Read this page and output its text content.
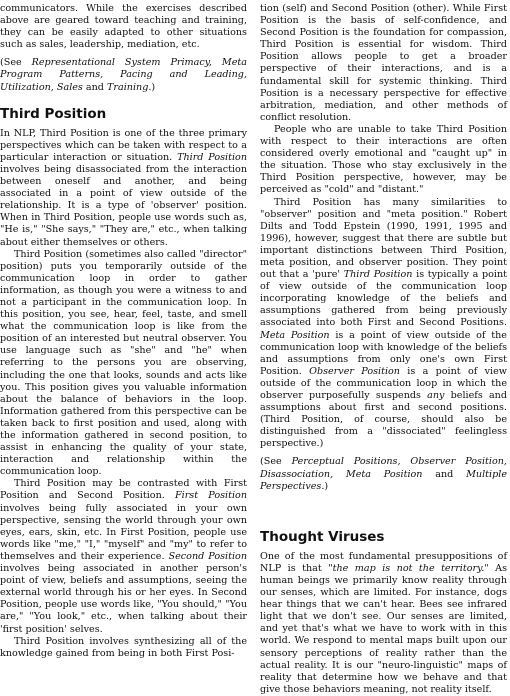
communicators. While the exercises described above are geared toward teaching and training, they can be easily adapted to other situations such as sales, leadership, mediation, etc.

(See Representational System Primacy, Meta Program Patterns, Pacing and Leading, Utilization, Sales and Training.)

Third Position

In NLP, Third Position is one of the three primary perspectives which can be taken with respect to a particular interaction or situation. Third Position involves being disassociated from the interaction between oneself and another, and being associated in a point of view outside of the relationship. It is a type of 'observer' position. When in Third Position, people use words such as, "He is," "She says," "They are," etc., when talking about either themselves or others.

Third Position (sometimes also called "director" position) puts you temporarily outside of the communication loop in order to gather information, as though you were a witness to and not a participant in the communication loop. In this position, you see, hear, feel, taste, and smell what the communication loop is like from the position of an interested but neutral observer. You use language such as "she" and "he" when referring to the persons you are observing, including the one that looks, sounds and acts like you. This position gives you valuable information about the balance of behaviors in the loop. Information gathered from this perspective can be taken back to first position and used, along with the information gathered in second position, to assist in enhancing the quality of your state, interaction and relationship within the communication loop.

Third Position may be contrasted with First Position and Second Position. First Position involves being fully associated in your own perspective, sensing the world through your own eyes, ears, skin, etc. In First Position, people use words like "me," "I," "myself" and "my" to refer to themselves and their experience. Second Position involves being associated in another person's point of view, beliefs and assumptions, seeing the external world through his or her eyes. In Second Position, people use words like, "You should," "You are," "You look," etc., when talking about their 'first position' selves.

Third Position involves synthesizing all of the knowledge gained from being in both First Posi-

tion (self) and Second Position (other). While First Position is the basis of self-confidence, and Second Position is the foundation for compassion, Third Position is essential for wisdom. Third Position allows people to get a broader perspective of their interactions, and is a fundamental skill for systemic thinking. Third Position is a necessary perspective for effective arbitration, mediation, and other methods of conflict resolution.

People who are unable to take Third Position with respect to their interactions are often considered overly emotional and "caught up" in the situation. Those who stay exclusively in the Third Position perspective, however, may be perceived as "cold" and "distant."

Third Position has many similarities to "observer" position and "meta position." Robert Dilts and Todd Epstein (1990, 1991, 1995 and 1996), however, suggest that there are subtle but important distinctions between Third Position, meta position, and observer position. They point out that a 'pure' Third Position is typically a point of view outside of the communication loop incorporating knowledge of the beliefs and assumptions gathered from being previously associated into both First and Second Positions. Meta Position is a point of view outside of the communication loop with knowledge of the beliefs and assumptions from only one's own First Position. Observer Position is a point of view outside of the communication loop in which the observer purposefully suspends any beliefs and assumptions about first and second positions. (Third Position, of course, should also be distinguished from a "dissociated" feelingless perspective.)

(See Perceptual Positions, Observer Position, Disassociation, Meta Position and Multiple Perspectives.)

Thought Viruses

One of the most fundamental presuppositions of NLP is that "the map is not the territory." As human beings we primarily know reality through our senses, which are limited. For instance, dogs hear things that we can't hear. Bees see infrared light that we don't see. Our senses are limited, and yet that's what we have to work with in this world. We respond to mental maps built upon our sensory perceptions of reality rather than the actual reality. It is our "neuro-linguistic" maps of reality that determine how we behave and that give those behaviors meaning, not reality itself.
